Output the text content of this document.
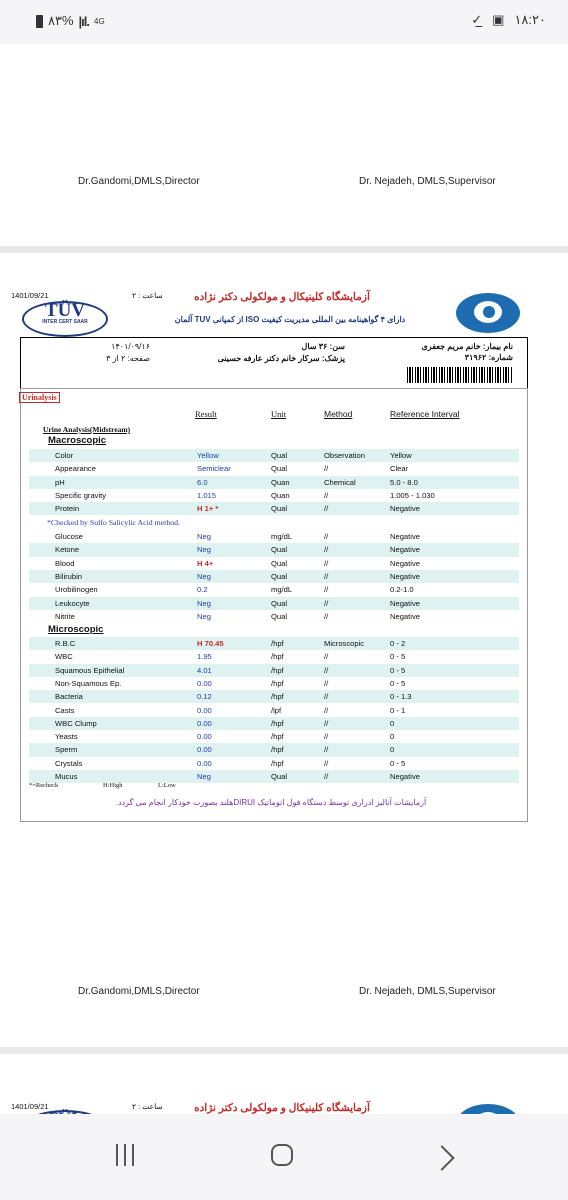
۸۳% |ıl. 4G	✓̲ ▣ ۱۸:۲۰
Dr.Gandomi,DMLS,Director	Dr. Nejadeh, DMLS,Supervisor
1401/09/21	ساعت : ۲
TÜV
INTER CERT SAAR
آزمایشگاه کلینیکال و مولکولی دکتر نژاده
دارای ۴ گواهینامه بین المللی مدیریت کیفیت ISO از کمپانی TUV آلمان
نام بیمار: خانم مریم جعفری
شماره: ۳۱۹۶۲
سن: ۳۶ سال
پزشک: سرکار خانم دکتر عارفه حسینی
۱۴۰۱/۰۹/۱۶
صفحه: ۲ از ۳
Urinalysis
Result	Unit	Method	Reference Interval
Urine Analysis(Midstream)
Macroscopic
Color	Yellow	Qual	Observation	Yellow
Appearance	Semiclear	Qual	//	Clear
pH	6.0	Quan	Chemical	5.0 - 8.0
Specific gravity	1.015	Quan	//	1.005 - 1.030
Protein	H 1+ *	Qual	//	Negative
*Checked by Sulfo Salicylic Acid method.
Glucose	Neg	mg/dL	//	Negative
Ketone	Neg	Qual	//	Negative
Blood	H 4+	Qual	//	Negative
Bilirubin	Neg	Qual	//	Negative
Urobilinogen	0.2	mg/dL	//	0.2-1.0
Leukocyte	Neg	Qual	//	Negative
Nitrite	Neg	Qual	//	Negative
Microscopic
R.B.C	H 70.45	/hpf	Microscopic	0 - 2
WBC	1.95	/hpf	//	0 - 5
Squamous Epithelial	4.01	/hpf	//	0 - 5
Non-Squamous Ep.	0.00	/hpf	//	0 - 5
Bacteria	0.12	/hpf	//	0 - 1.3
Casts	0.00	/lpf	//	0 - 1
WBC Clump	0.00	/hpf	//	0
Yeasts	0.00	/hpf	//	0
Sperm	0.00	/hpf	//	0
Crystals	0.00	/hpf	//	0 - 5
Mucus	Neg	Qual	//	Negative
*=Recheck	H:High	L:Low
آزمایشات آنالیز ادراری توسط دستگاه فول اتوماتیک DIRUIهلند بصورت خودکار انجام می گردد.
Dr.Gandomi,DMLS,Director	Dr. Nejadeh, DMLS,Supervisor
1401/09/21	ساعت : ۲	آزمایشگاه کلینیکال و مولکولی دکتر نژاده
